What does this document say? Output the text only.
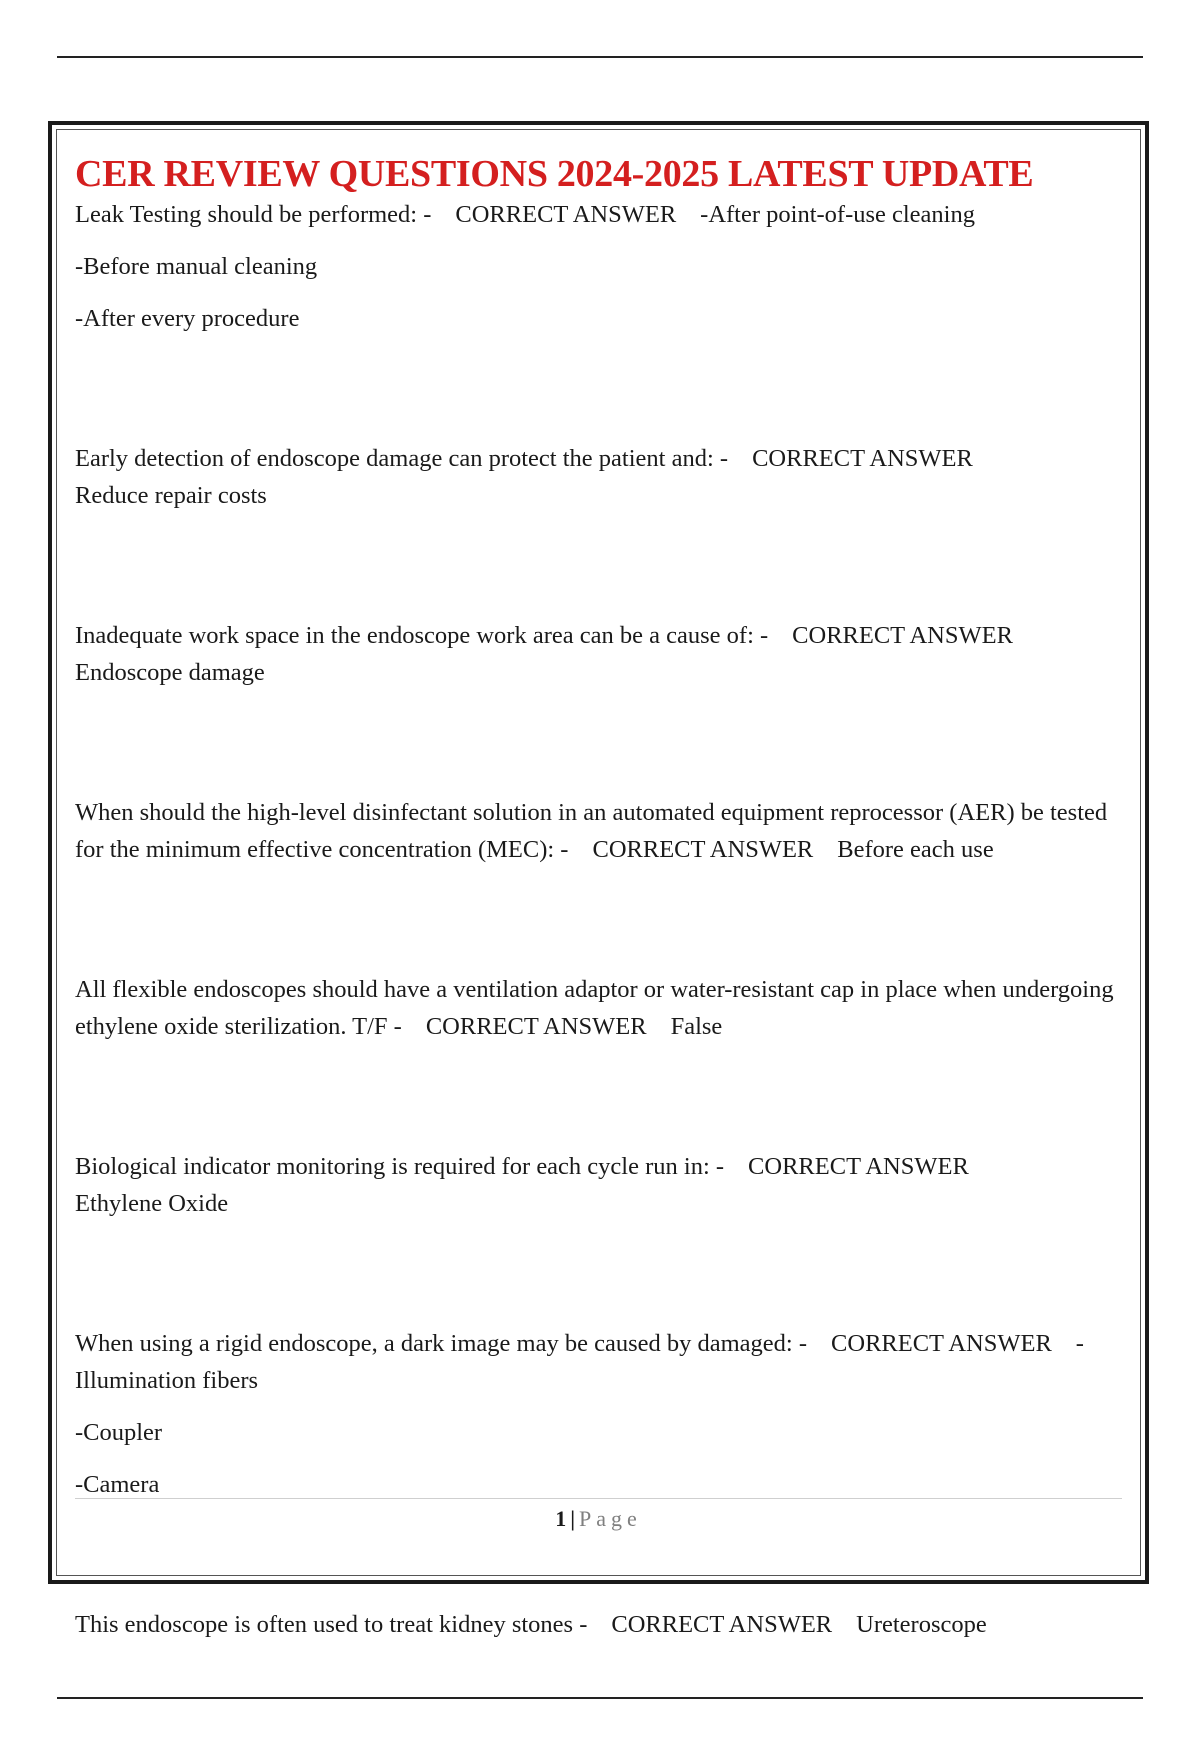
CER REVIEW QUESTIONS 2024-2025 LATEST UPDATE

Leak Testing should be performed: - CORRECT ANSWER -After point-of-use cleaning

-Before manual cleaning

-After every procedure

Early detection of endoscope damage can protect the patient and: - CORRECT ANSWER
Reduce repair costs

Inadequate work space in the endoscope work area can be a cause of: - CORRECT ANSWER
Endoscope damage

When should the high-level disinfectant solution in an automated equipment reprocessor (AER) be tested for the minimum effective concentration (MEC): - CORRECT ANSWER Before each use

All flexible endoscopes should have a ventilation adaptor or water-resistant cap in place when undergoing ethylene oxide sterilization. T/F - CORRECT ANSWER False

Biological indicator monitoring is required for each cycle run in: - CORRECT ANSWER
Ethylene Oxide

When using a rigid endoscope, a dark image may be caused by damaged: - CORRECT ANSWER -Illumination fibers

-Coupler

-Camera

This endoscope is often used to treat kidney stones - CORRECT ANSWER Ureteroscope

1 | Page
